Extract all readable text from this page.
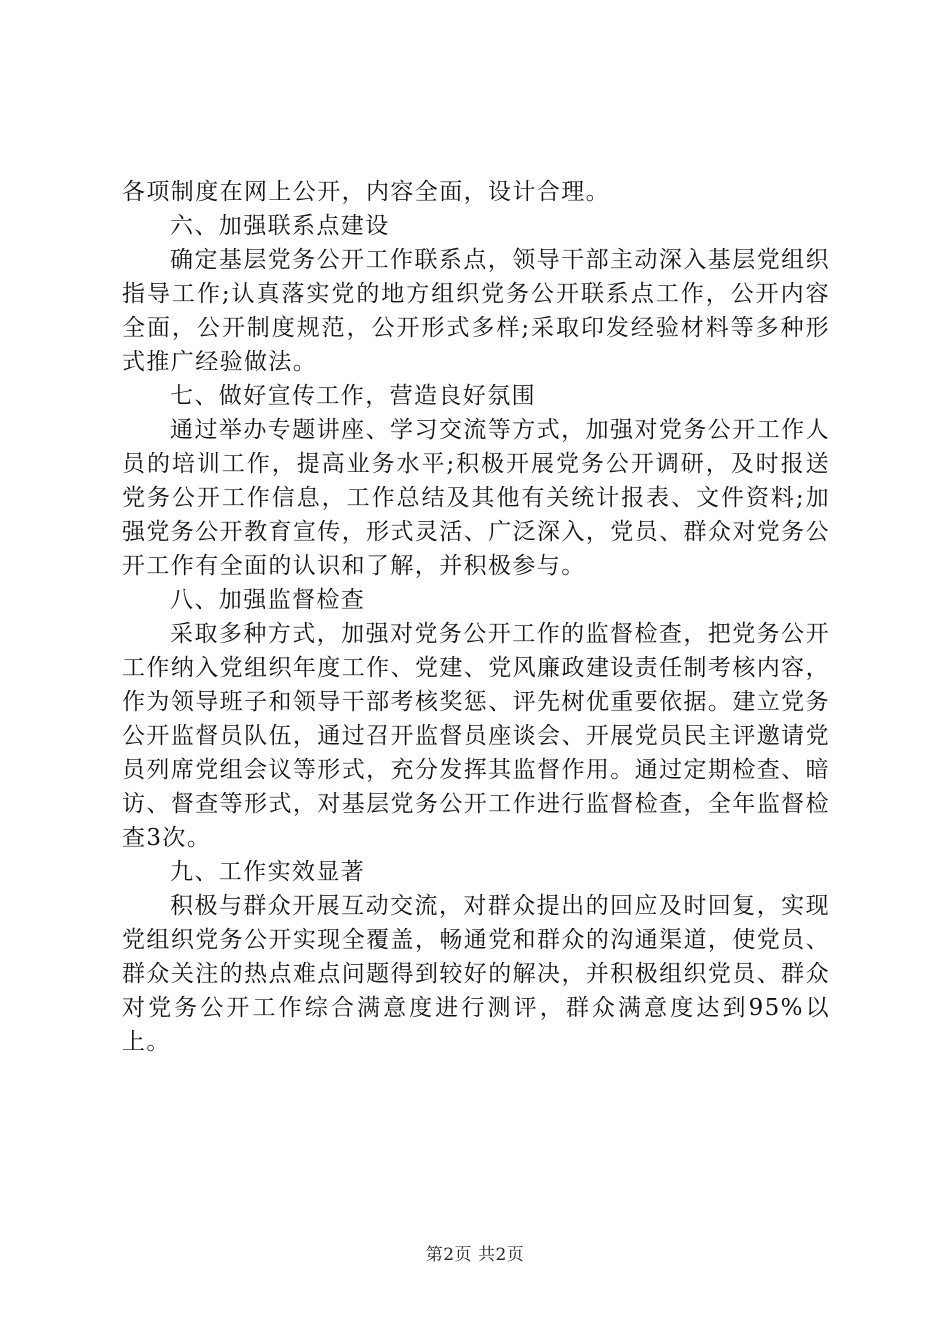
各项制度在网上公开，内容全面，设计合理。

六、加强联系点建设

确定基层党务公开工作联系点，领导干部主动深入基层党组织指导工作;认真落实党的地方组织党务公开联系点工作，公开内容全面，公开制度规范，公开形式多样;采取印发经验材料等多种形式推广经验做法。

七、做好宣传工作，营造良好氛围

通过举办专题讲座、学习交流等方式，加强对党务公开工作人员的培训工作，提高业务水平;积极开展党务公开调研，及时报送党务公开工作信息，工作总结及其他有关统计报表、文件资料;加强党务公开教育宣传，形式灵活、广泛深入，党员、群众对党务公开工作有全面的认识和了解，并积极参与。

八、加强监督检查

采取多种方式，加强对党务公开工作的监督检查，把党务公开工作纳入党组织年度工作、党建、党风廉政建设责任制考核内容，作为领导班子和领导干部考核奖惩、评先树优重要依据。建立党务公开监督员队伍，通过召开监督员座谈会、开展党员民主评邀请党员列席党组会议等形式，充分发挥其监督作用。通过定期检查、暗访、督查等形式，对基层党务公开工作进行监督检查，全年监督检查3次。

九、工作实效显著

积极与群众开展互动交流，对群众提出的回应及时回复，实现党组织党务公开实现全覆盖，畅通党和群众的沟通渠道，使党员、群众关注的热点难点问题得到较好的解决，并积极组织党员、群众对党务公开工作综合满意度进行测评，群众满意度达到95%以上。

第2页 共2页
